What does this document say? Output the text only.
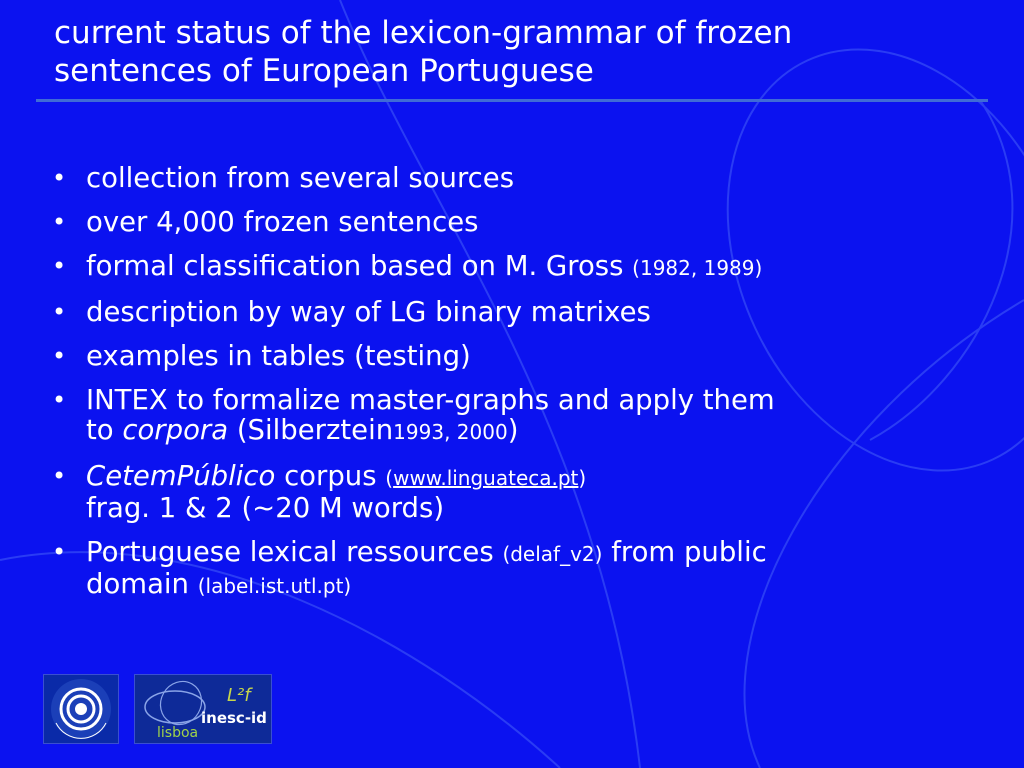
current status of the lexicon-grammar of frozen
sentences of European Portuguese
• collection from several sources
• over 4,000 frozen sentences
• formal classification based on M. Gross (1982, 1989)
• description by way of LG binary matrixes
• examples in tables (testing)
• INTEX to formalize master-graphs and apply them
to corpora (Silberztein1993, 2000)
• CetemPúblico corpus (www.linguateca.pt)
frag. 1 & 2 (~20 M words)
• Portuguese lexical ressources (delaf_v2) from public
domain (label.ist.utl.pt)
L²f
inesc-id
lisboa
